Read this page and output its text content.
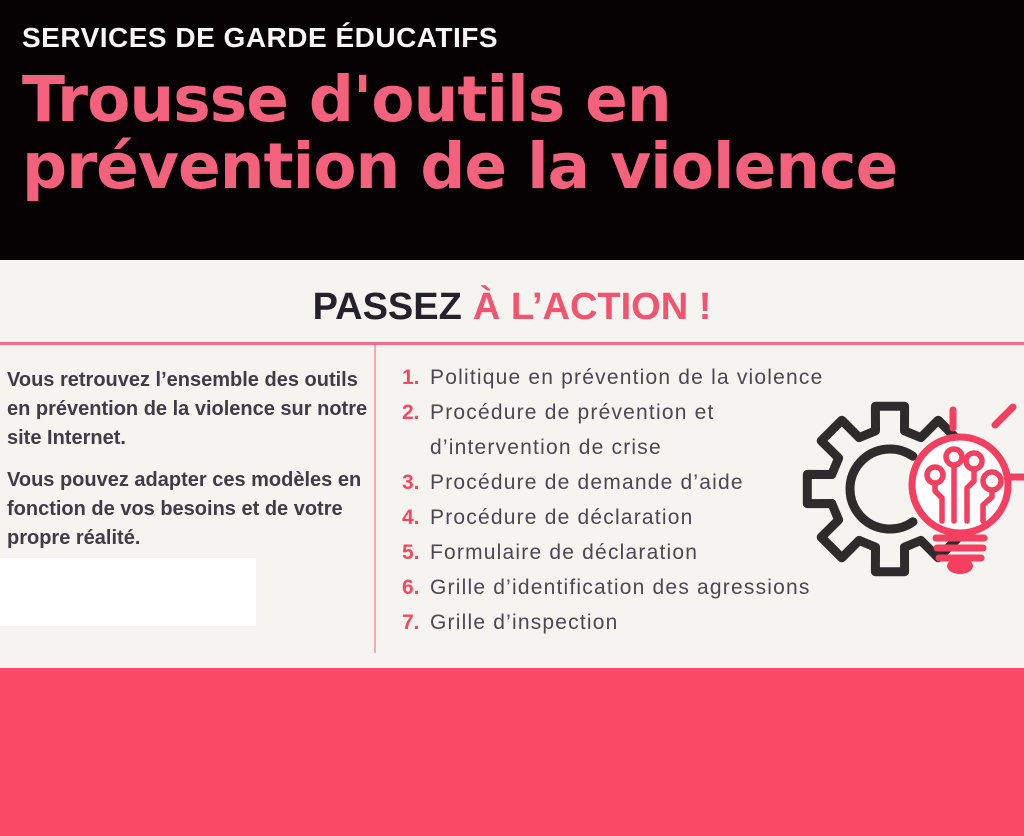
SERVICES DE GARDE ÉDUCATIFS
Trousse d'outils en
prévention de la violence
PASSEZ À L’ACTION !

Vous retrouvez l’ensemble des outils en prévention de la violence sur notre site Internet.

Vous pouvez adapter ces modèles en fonction de vos besoins et de votre propre réalité.

1. Politique en prévention de la violence
2. Procédure de prévention et d’intervention de crise
3. Procédure de demande d’aide
4. Procédure de déclaration
5. Formulaire de déclaration
6. Grille d’identification des agressions
7. Grille d’inspection
